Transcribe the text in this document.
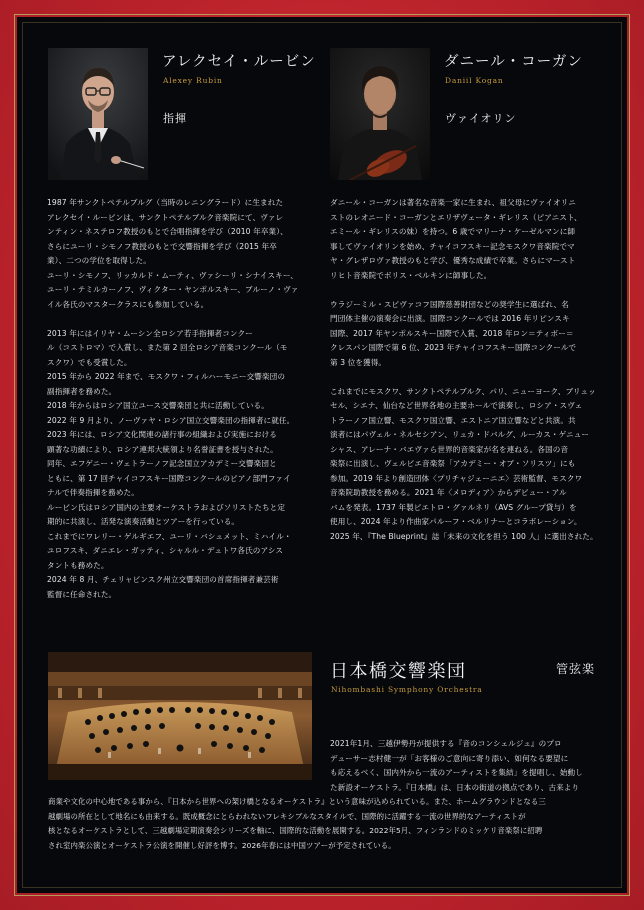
アレクセイ・ルービン
Alexey Rubin
指揮
ダニール・コーガン
Daniil Kogan
ヴァイオリン

1987 年サンクトペテルブルグ（当時のレニングラード）に生まれた

アレクセイ・ルービンは、サンクトペテルブルク音楽院にて、ヴァレ

ンティン・ネステロフ教授のもとで合唱指揮を学び（2010 年卒業）、

さらにユーリ・シモノフ教授のもとで交響指揮を学び（2015 年卒

業）、二つの学位を取得した。

ユーリ・シモノフ、リッカルド・ムーティ、ヴァシーリ・シナイスキー、

ユーリ・テミルカーノフ、ヴィクター・ヤンポルスキー、ブルーノ・ヴァ

イル各氏のマスタークラスにも参加している。

2013 年にはイリヤ・ムーシン全ロシア若手指揮者コンクー

ル（コストロマ）で入賞し、また第 2 回全ロシア音楽コンクール（モ

スクワ）でも受賞した。

2015 年から 2022 年まで、モスクワ・フィルハーモニー交響楽団の

副指揮者を務めた。

2018 年からはロシア国立ユース交響楽団と共に活動している。

2022 年 9 月より、ノーヴァヤ・ロシア国立交響楽団の指揮者に就任。

2023 年には、ロシア文化関連の諸行事の組織および実施における

顕著な功績により、ロシア連邦大統領より名誉証書を授与された。

同年、エフゲニー・ヴェトラーノフ記念国立アカデミー交響楽団と

ともに、第 17 回チャイコフスキー国際コンクールのピアノ部門ファイ

ナルで伴奏指揮を務めた。

ルービン氏はロシア国内の主要オーケストラおよびソリストたちと定

期的に共演し、活発な演奏活動とツアーを行っている。

これまでにワレリー・ゲルギエフ、ユーリ・バシュメット、ミハイル・

ユロフスキ、ダニエレ・ガッティ、シャルル・デュトワ各氏のアシス

タントも務めた。

2024 年 8 月、チェリャビンスク州立交響楽団の首席指揮者兼芸術

監督に任命された。

ダニール・コーガンは著名な音楽一家に生まれ、祖父母にヴァイオリニ

ストのレオニード・コーガンとエリザヴェータ・ギレリス（ピアニスト、

エミール・ギレリスの妹）を持つ。6 歳でマリーナ・ケーゼルマンに師

事してヴァイオリンを始め、チャイコフスキー記念モスクワ音楽院でマ

ヤ・グレザロヴァ教授のもと学び、優秀な成績で卒業。さらにマースト

リヒト音楽院でボリス・ベルキンに師事した。

ウラジーミル・スピヴァコフ国際慈善財団などの奨学生に選ばれ、名

門団体主催の演奏会に出演。国際コンクールでは 2016 年リピンスキ

国際、2017 年ヤンポルスキー国際で入賞、2018 年ロン＝ティボー＝

クレスパン国際で第 6 位、2023 年チャイコフスキー国際コンクールで

第 3 位を獲得。

これまでにモスクワ、サンクトペテルブルク、パリ、ニューヨーク、ブリュッ

セル、シエナ、仙台など世界各地の主要ホールで演奏し、ロシア・スヴェ

トラーノフ国立響、モスクワ国立響、エストニア国立響などと共演。共

演者にはパヴェル・ネルセシアン、リュカ・ドバルグ、ルーカス・ゲニュー

シャス、アレーナ・バエヴァら世界的音楽家が名を連ねる。各国の音

楽祭に出演し、ヴェルビエ音楽祭「アカデミー・オブ・ソリスツ」にも

参加。2019 年より創造団体〈プリチャジェーニエ〉芸術監督、モスクワ

音楽院助教授を務める。2021 年〈メロディア〉からデビュー・アル

バムを発表。1737 年製ピエトロ・グァルネリ（AVS グループ貸与）を

使用し、2024 年より作曲家パルーフ・ベルリナーとコラボレーション。

2025 年、『The Blueprint』誌「未来の文化を担う 100 人」に選出された。

日本橋交響楽団	管弦楽
Nihombashi Symphony Orchestra

2021年1月、三越伊勢丹が提供する『音のコンシェルジュ』のプロ

デューサー志村健一が「お客様のご意向に寄り添い、如何なる要望に

も応えるべく、国内外から一流のアーティストを集結」を提唱し、始動し

た新設オーケストラ。『日本橋』は、日本の街道の拠点であり、古来より

商業や文化の中心地である事から、『日本から世界への架け橋となるオーケストラ』という意味が込められている。また、ホームグラウンドとなる三

越劇場の所在として地名にも由来する。既成概念にとらわれないフレキシブルなスタイルで、国際的に活躍する一流の世界的なアーティストが

核となるオーケストラとして、三越劇場定期演奏会シリーズを軸に、国際的な活動を展開する。2022年5月、フィンランドのミッケリ音楽祭に招聘

され室内楽公演とオーケストラ公演を開催し好評を博す。2026年春には中国ツアーが予定されている。
